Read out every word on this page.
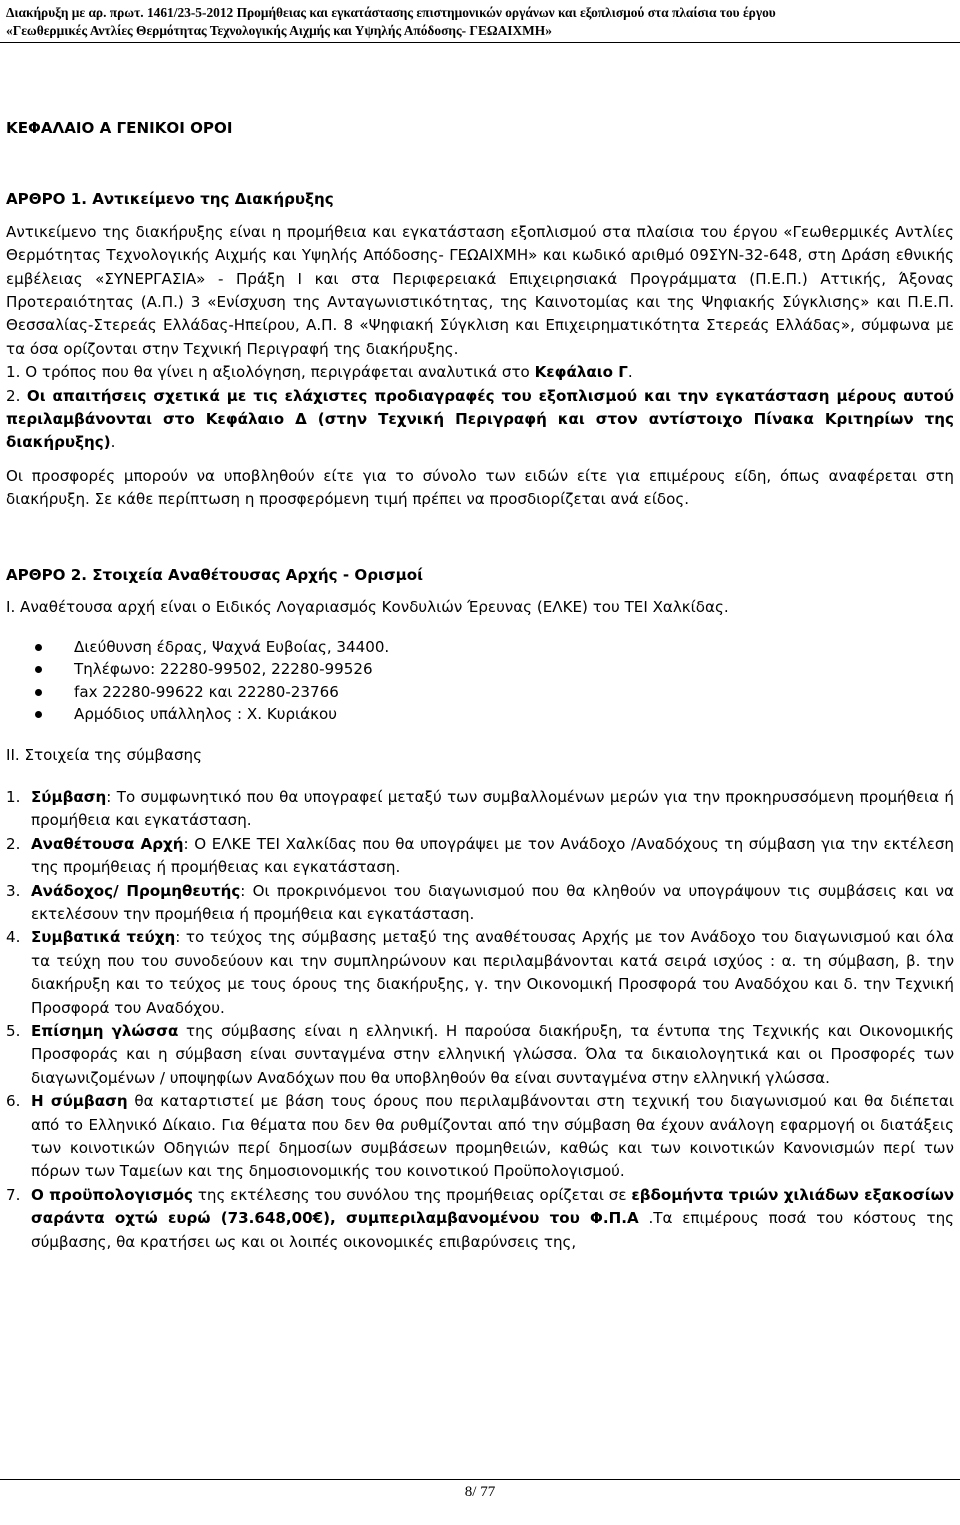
Διακήρυξη με αρ. πρωτ. 1461/23-5-2012 Προμήθειας και εγκατάστασης επιστημονικών οργάνων και εξοπλισμού στα πλαίσια του έργου
«Γεωθερμικές Αντλίες Θερμότητας Τεχνολογικής Αιχμής και Υψηλής Απόδοσης- ΓΕΩΑΙΧΜΗ»

ΚΕΦΑΛΑΙΟ Α ΓΕΝΙΚΟΙ ΟΡΟΙ

ΑΡΘΡΟ 1. Αντικείμενο της Διακήρυξης

Αντικείμενο της διακήρυξης είναι η προμήθεια και εγκατάσταση εξοπλισμού στα πλαίσια του έργου «Γεωθερμικές Αντλίες Θερμότητας Τεχνολογικής Αιχμής και Υψηλής Απόδοσης- ΓΕΩΑΙΧΜΗ» και κωδικό αριθμό 09ΣΥΝ-32-648, στη Δράση εθνικής εμβέλειας «ΣΥΝΕΡΓΑΣΙΑ» - Πράξη Ι και στα Περιφερειακά Επιχειρησιακά Προγράμματα (Π.Ε.Π.) Αττικής, Άξονας Προτεραιότητας (Α.Π.) 3 «Ενίσχυση της Ανταγωνιστικότητας, της Καινοτομίας και της Ψηφιακής Σύγκλισης» και Π.Ε.Π. Θεσσαλίας-Στερεάς Ελλάδας-Ηπείρου, Α.Π. 8 «Ψηφιακή Σύγκλιση και Επιχειρηματικότητα Στερεάς Ελλάδας», σύμφωνα με τα όσα ορίζονται στην Τεχνική Περιγραφή της διακήρυξης.

1. Ο τρόπος που θα γίνει η αξιολόγηση, περιγράφεται αναλυτικά στο Κεφάλαιο Γ.

2. Οι απαιτήσεις σχετικά με τις ελάχιστες προδιαγραφές του εξοπλισμού και την εγκατάσταση μέρους αυτού περιλαμβάνονται στο Κεφάλαιο Δ (στην Τεχνική Περιγραφή και στον αντίστοιχο Πίνακα Κριτηρίων της διακήρυξης).

Οι προσφορές μπορούν να υποβληθούν είτε για το σύνολο των ειδών είτε για επιμέρους είδη, όπως αναφέρεται στη διακήρυξη. Σε κάθε περίπτωση η προσφερόμενη τιμή πρέπει να προσδιορίζεται ανά είδος.

ΑΡΘΡΟ 2. Στοιχεία Αναθέτουσας Αρχής - Ορισμοί

Ι. Αναθέτουσα αρχή είναι ο Ειδικός Λογαριασμός Κονδυλιών Έρευνας (ΕΛΚΕ) του ΤΕΙ Χαλκίδας.

Διεύθυνση έδρας, Ψαχνά Ευβοίας, 34400.
Τηλέφωνο: 22280-99502, 22280-99526
fax 22280-99622 και 22280-23766
Αρμόδιος υπάλληλος : Χ. Κυριάκου

ΙΙ. Στοιχεία της σύμβασης

1. Σύμβαση: Το συμφωνητικό που θα υπογραφεί μεταξύ των συμβαλλομένων μερών για την προκηρυσσόμενη προμήθεια ή προμήθεια και εγκατάσταση.
2. Αναθέτουσα Αρχή: Ο ΕΛΚΕ ΤΕΙ Χαλκίδας που θα υπογράψει με τον Ανάδοχο /Αναδόχους τη σύμβαση για την εκτέλεση της προμήθειας ή προμήθειας και εγκατάσταση.
3. Ανάδοχος/ Προμηθευτής: Οι προκρινόμενοι του διαγωνισμού που θα κληθούν να υπογράψουν τις συμβάσεις και να εκτελέσουν την προμήθεια ή προμήθεια και εγκατάσταση.
4. Συμβατικά τεύχη: το τεύχος της σύμβασης μεταξύ της αναθέτουσας Αρχής με τον Ανάδοχο του διαγωνισμού και όλα τα τεύχη που του συνοδεύουν και την συμπληρώνουν και περιλαμβάνονται κατά σειρά ισχύος : α. τη σύμβαση, β. την διακήρυξη και το τεύχος με τους όρους της διακήρυξης, γ. την Οικονομική Προσφορά του Αναδόχου και δ. την Τεχνική Προσφορά του Αναδόχου.
5. Επίσημη γλώσσα της σύμβασης είναι η ελληνική. Η παρούσα διακήρυξη, τα έντυπα της Τεχνικής και Οικονομικής Προσφοράς και η σύμβαση είναι συνταγμένα στην ελληνική γλώσσα. Όλα τα δικαιολογητικά και οι Προσφορές των διαγωνιζομένων / υποψηφίων Αναδόχων που θα υποβληθούν θα είναι συνταγμένα στην ελληνική γλώσσα.
6. Η σύμβαση θα καταρτιστεί με βάση τους όρους που περιλαμβάνονται στη τεχνική του διαγωνισμού και θα διέπεται από το Ελληνικό Δίκαιο. Για θέματα που δεν θα ρυθμίζονται από την σύμβαση θα έχουν ανάλογη εφαρμογή οι διατάξεις των κοινοτικών Οδηγιών περί δημοσίων συμβάσεων προμηθειών, καθώς και των κοινοτικών Κανονισμών περί των πόρων των Ταμείων και της δημοσιονομικής του κοινοτικού Προϋπολογισμού.
7. Ο προϋπολογισμός της εκτέλεσης του συνόλου της προμήθειας ορίζεται σε εβδομήντα τριών χιλιάδων εξακοσίων σαράντα οχτώ ευρώ (73.648,00€), συμπεριλαμβανομένου του Φ.Π.Α .Τα επιμέρους ποσά του κόστους της σύμβασης, θα κρατήσει ως και οι λοιπές οικονομικές επιβαρύνσεις της,
8/ 77
